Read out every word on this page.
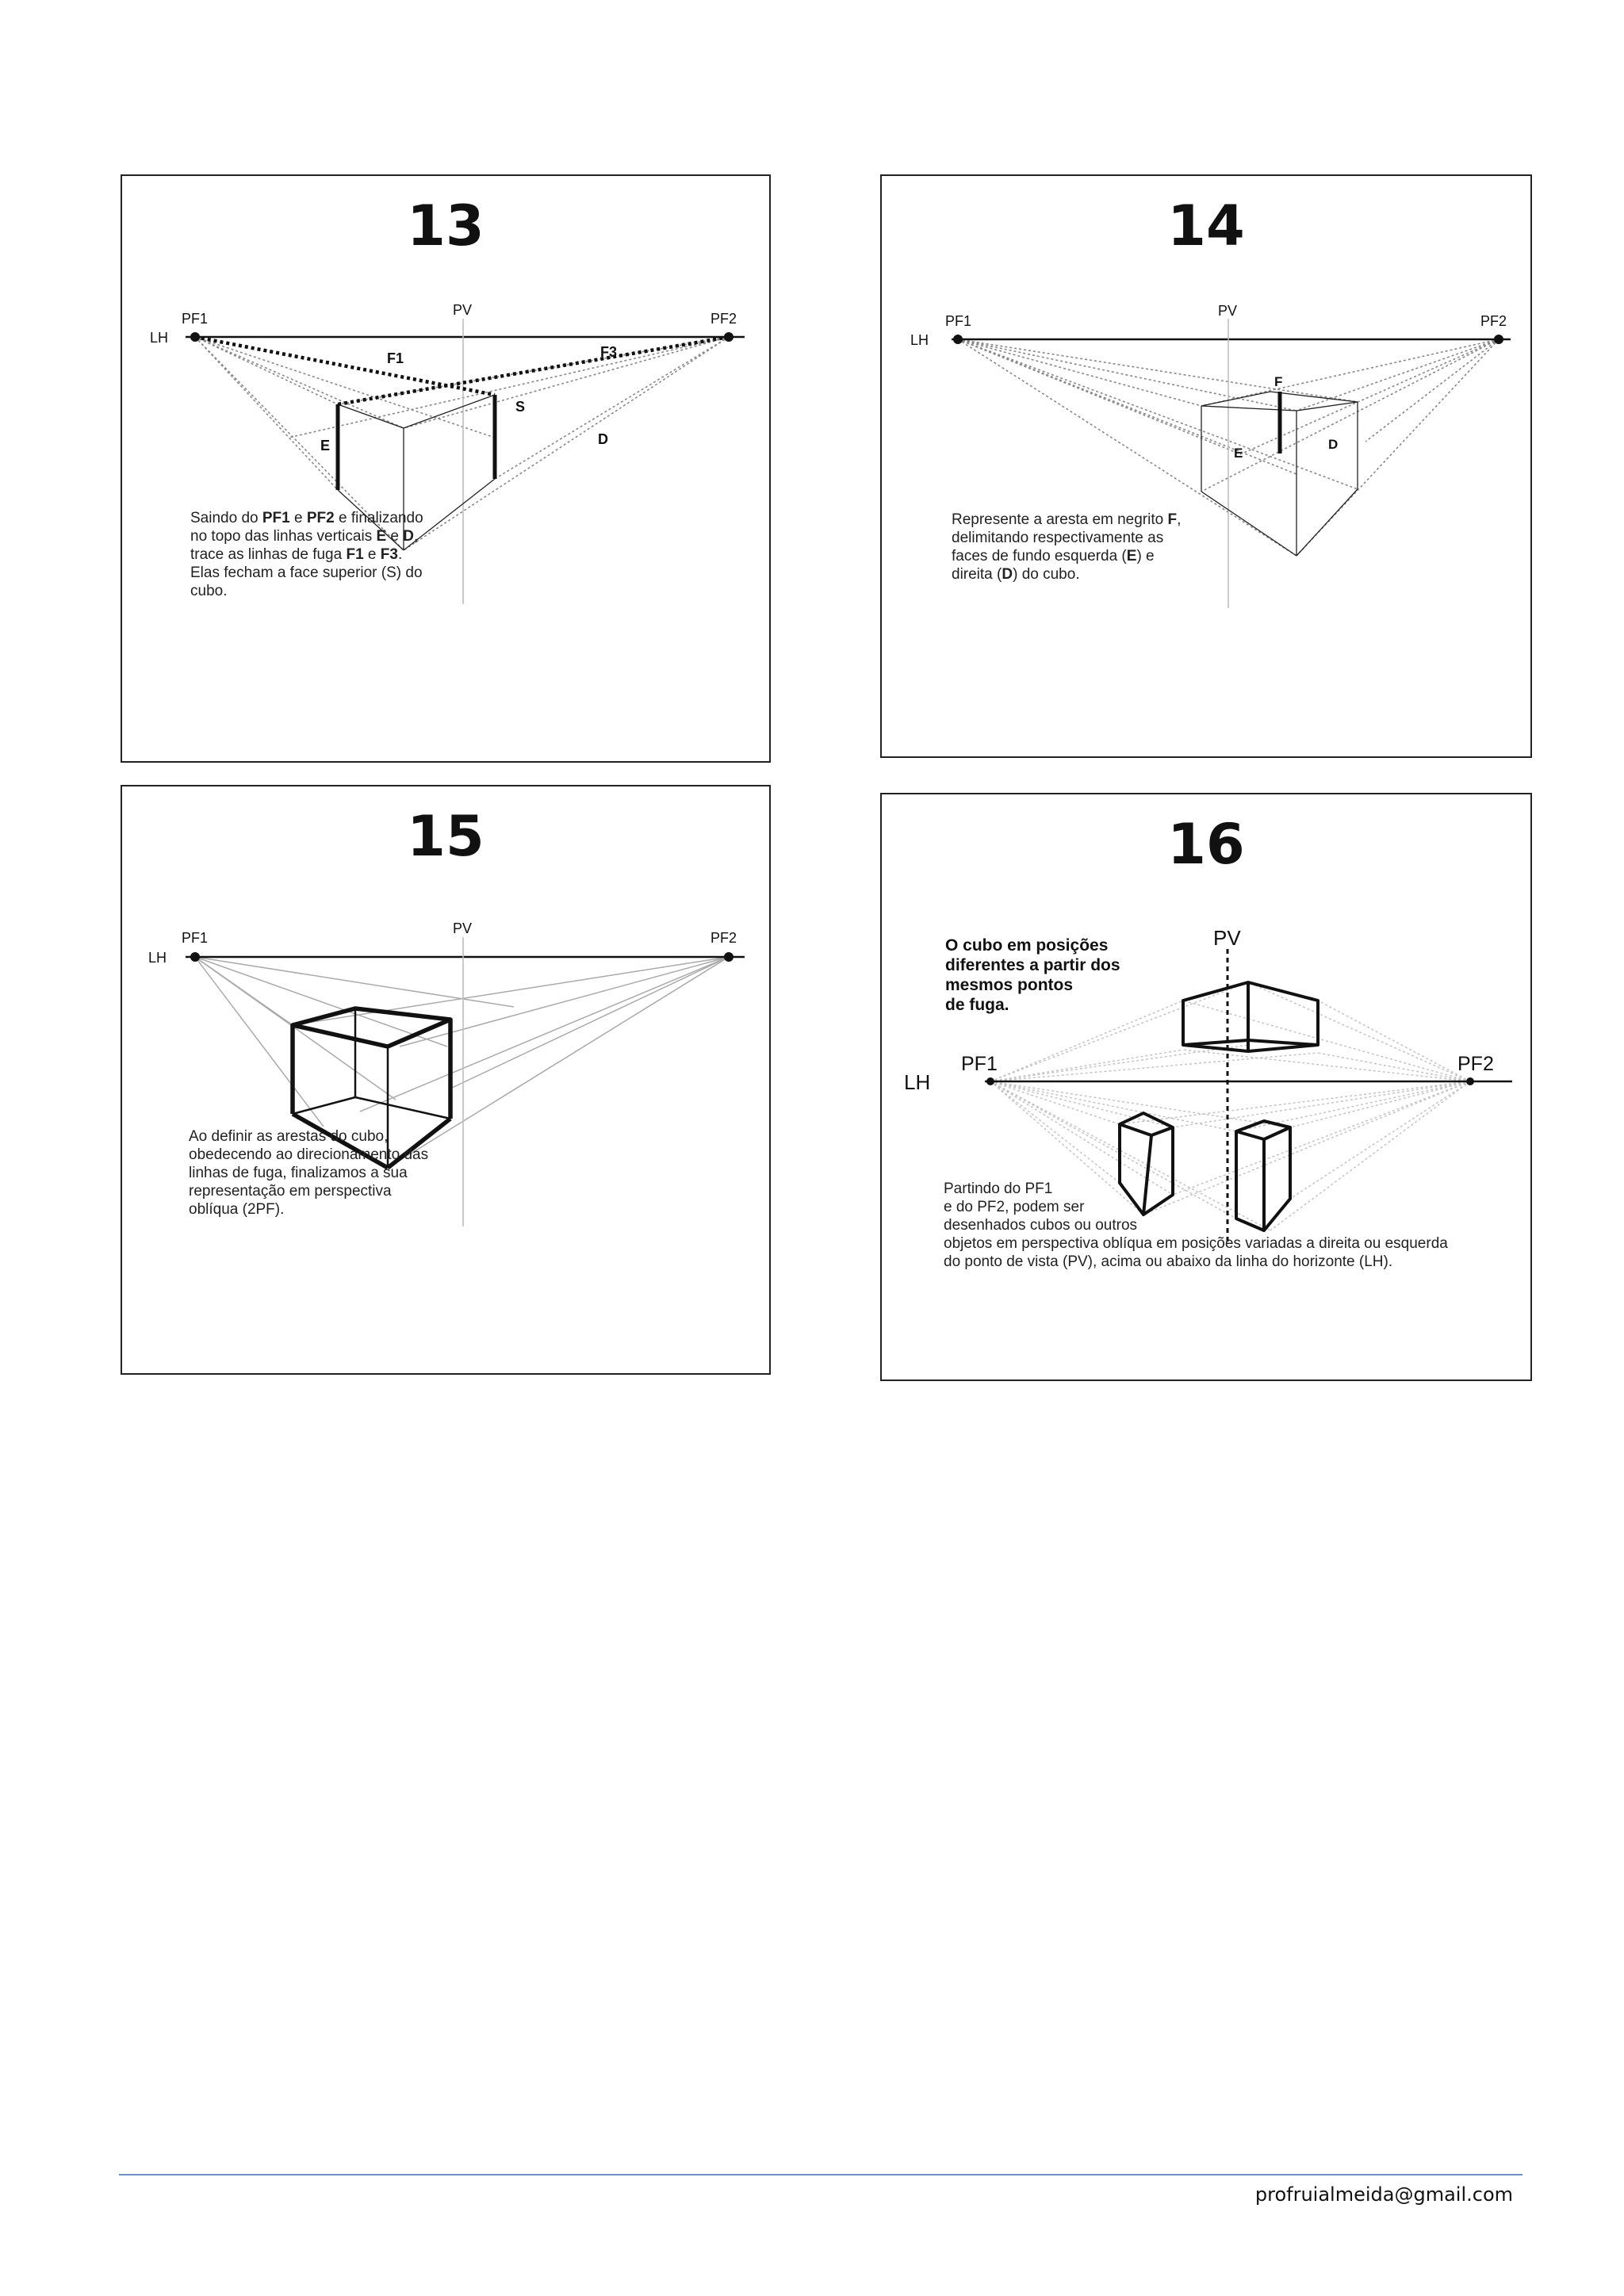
13
LH
PF1	PF2
PV
F1	F3
S
E	D
Saindo do PF1 e PF2 e finalizando
no topo das linhas verticais E e D,
trace as linhas de fuga F1 e F3.
Elas fecham a face superior (S) do
cubo.
14
LH
PF1	PF2
PV
F
E
D
Represente a aresta em negrito F,
delimitando respectivamente as
faces de fundo esquerda (E) e
direita (D) do cubo.
15
LH
PF1	PF2
PV
Ao definir as arestas do cubo,
obedecendo ao direcionamento das
linhas de fuga, finalizamos a sua
representação em perspectiva
oblíqua (2PF).
16
O cubo em posições
diferentes a partir dos
mesmos pontos
de fuga.
LH
PF1	PF2
PV
Partindo do PF1
e do PF2, podem ser
desenhados cubos ou outros
objetos em perspectiva oblíqua em posições variadas a direita ou esquerda
do ponto de vista (PV), acima ou abaixo da linha do horizonte (LH).
profruialmeida@gmail.com
